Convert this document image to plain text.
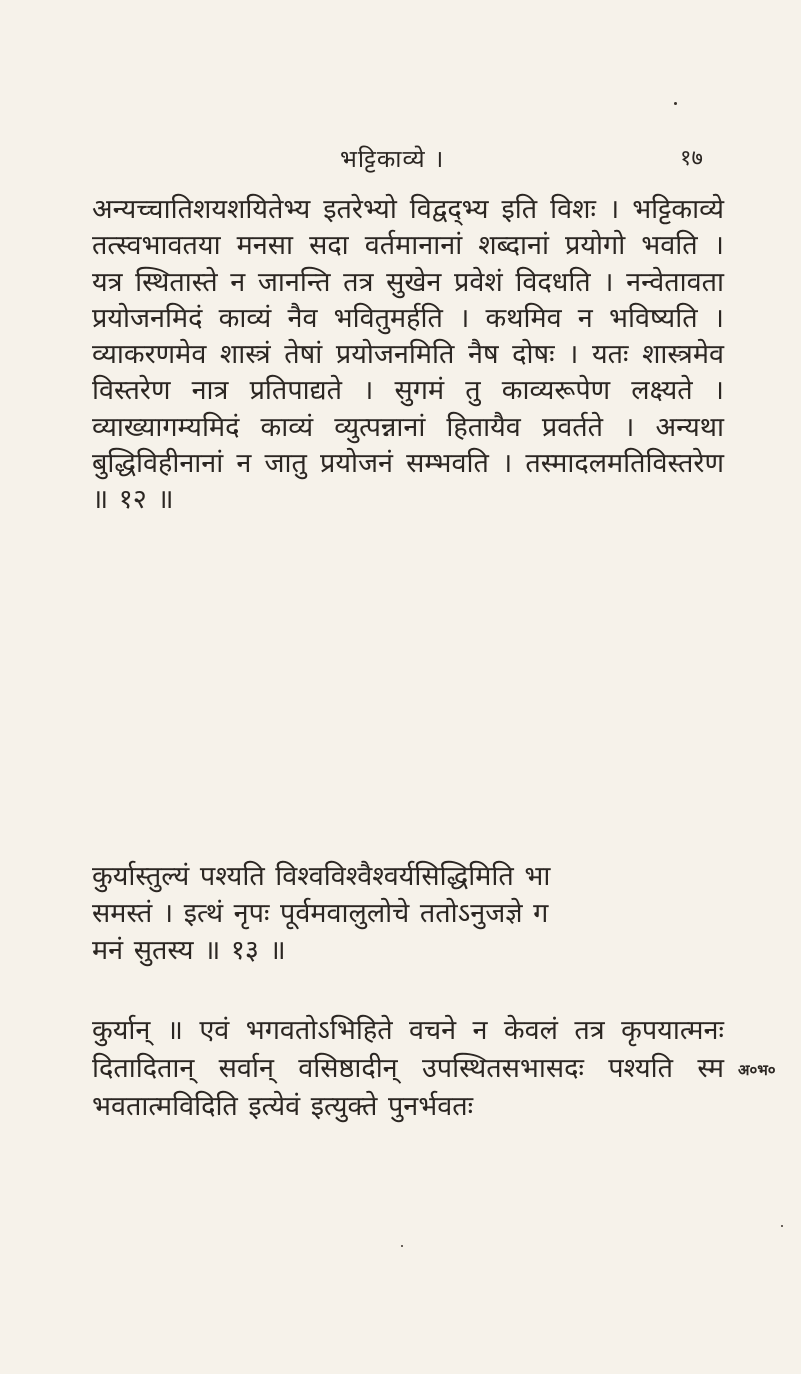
भट्टिकाव्ये ।	१७
अन्यच्चातिशयशयितेभ्य इतरेभ्यो विद्वद्भ्य इति विशः । भट्टिकाव्ये तत्स्वभावतया मनसा सदा वर्तमानानां शब्दानां प्रयोगो भवति । यत्र स्थितास्ते न जानन्ति तत्र सुखेन प्रवेशं विदधति । नन्वेतावता प्रयोजनमिदं काव्यं नैव भवितुमर्हति । कथमिव न भविष्यति । व्याकरणमेव शास्त्रं तेषां प्रयोजनमिति नैष दोषः । यतः शास्त्रमेव विस्तरेण नात्र प्रतिपाद्यते । सुगमं तु काव्यरूपेण लक्ष्यते । व्याख्यागम्यमिदं काव्यं व्युत्पन्नानां हितायैव प्रवर्तते । अन्यथा बुद्धिविहीनानां न जातु प्रयोजनं सम्भवति । तस्मादलमतिविस्तरेण ॥ १२ ॥
कुर्यास्तुल्यं पश्यति विश्वविश्वैश्वर्यसिद्धिमिति भा
समस्तं । इत्थं नृपः पूर्वमवालुलोचे ततोऽनुजज्ञे ग
मनं सुतस्य ॥ १३ ॥
कुर्यान् ॥ एवं भगवतोऽभिहिते वचने न केवलं तत्र कृपयात्मनः दितादितान् सर्वान् वसिष्ठादीन् उपस्थितसभासदः पश्यति स्म भवतात्मविदिति इत्येवं इत्युक्ते पुनर्भवतः
अ०भ०
